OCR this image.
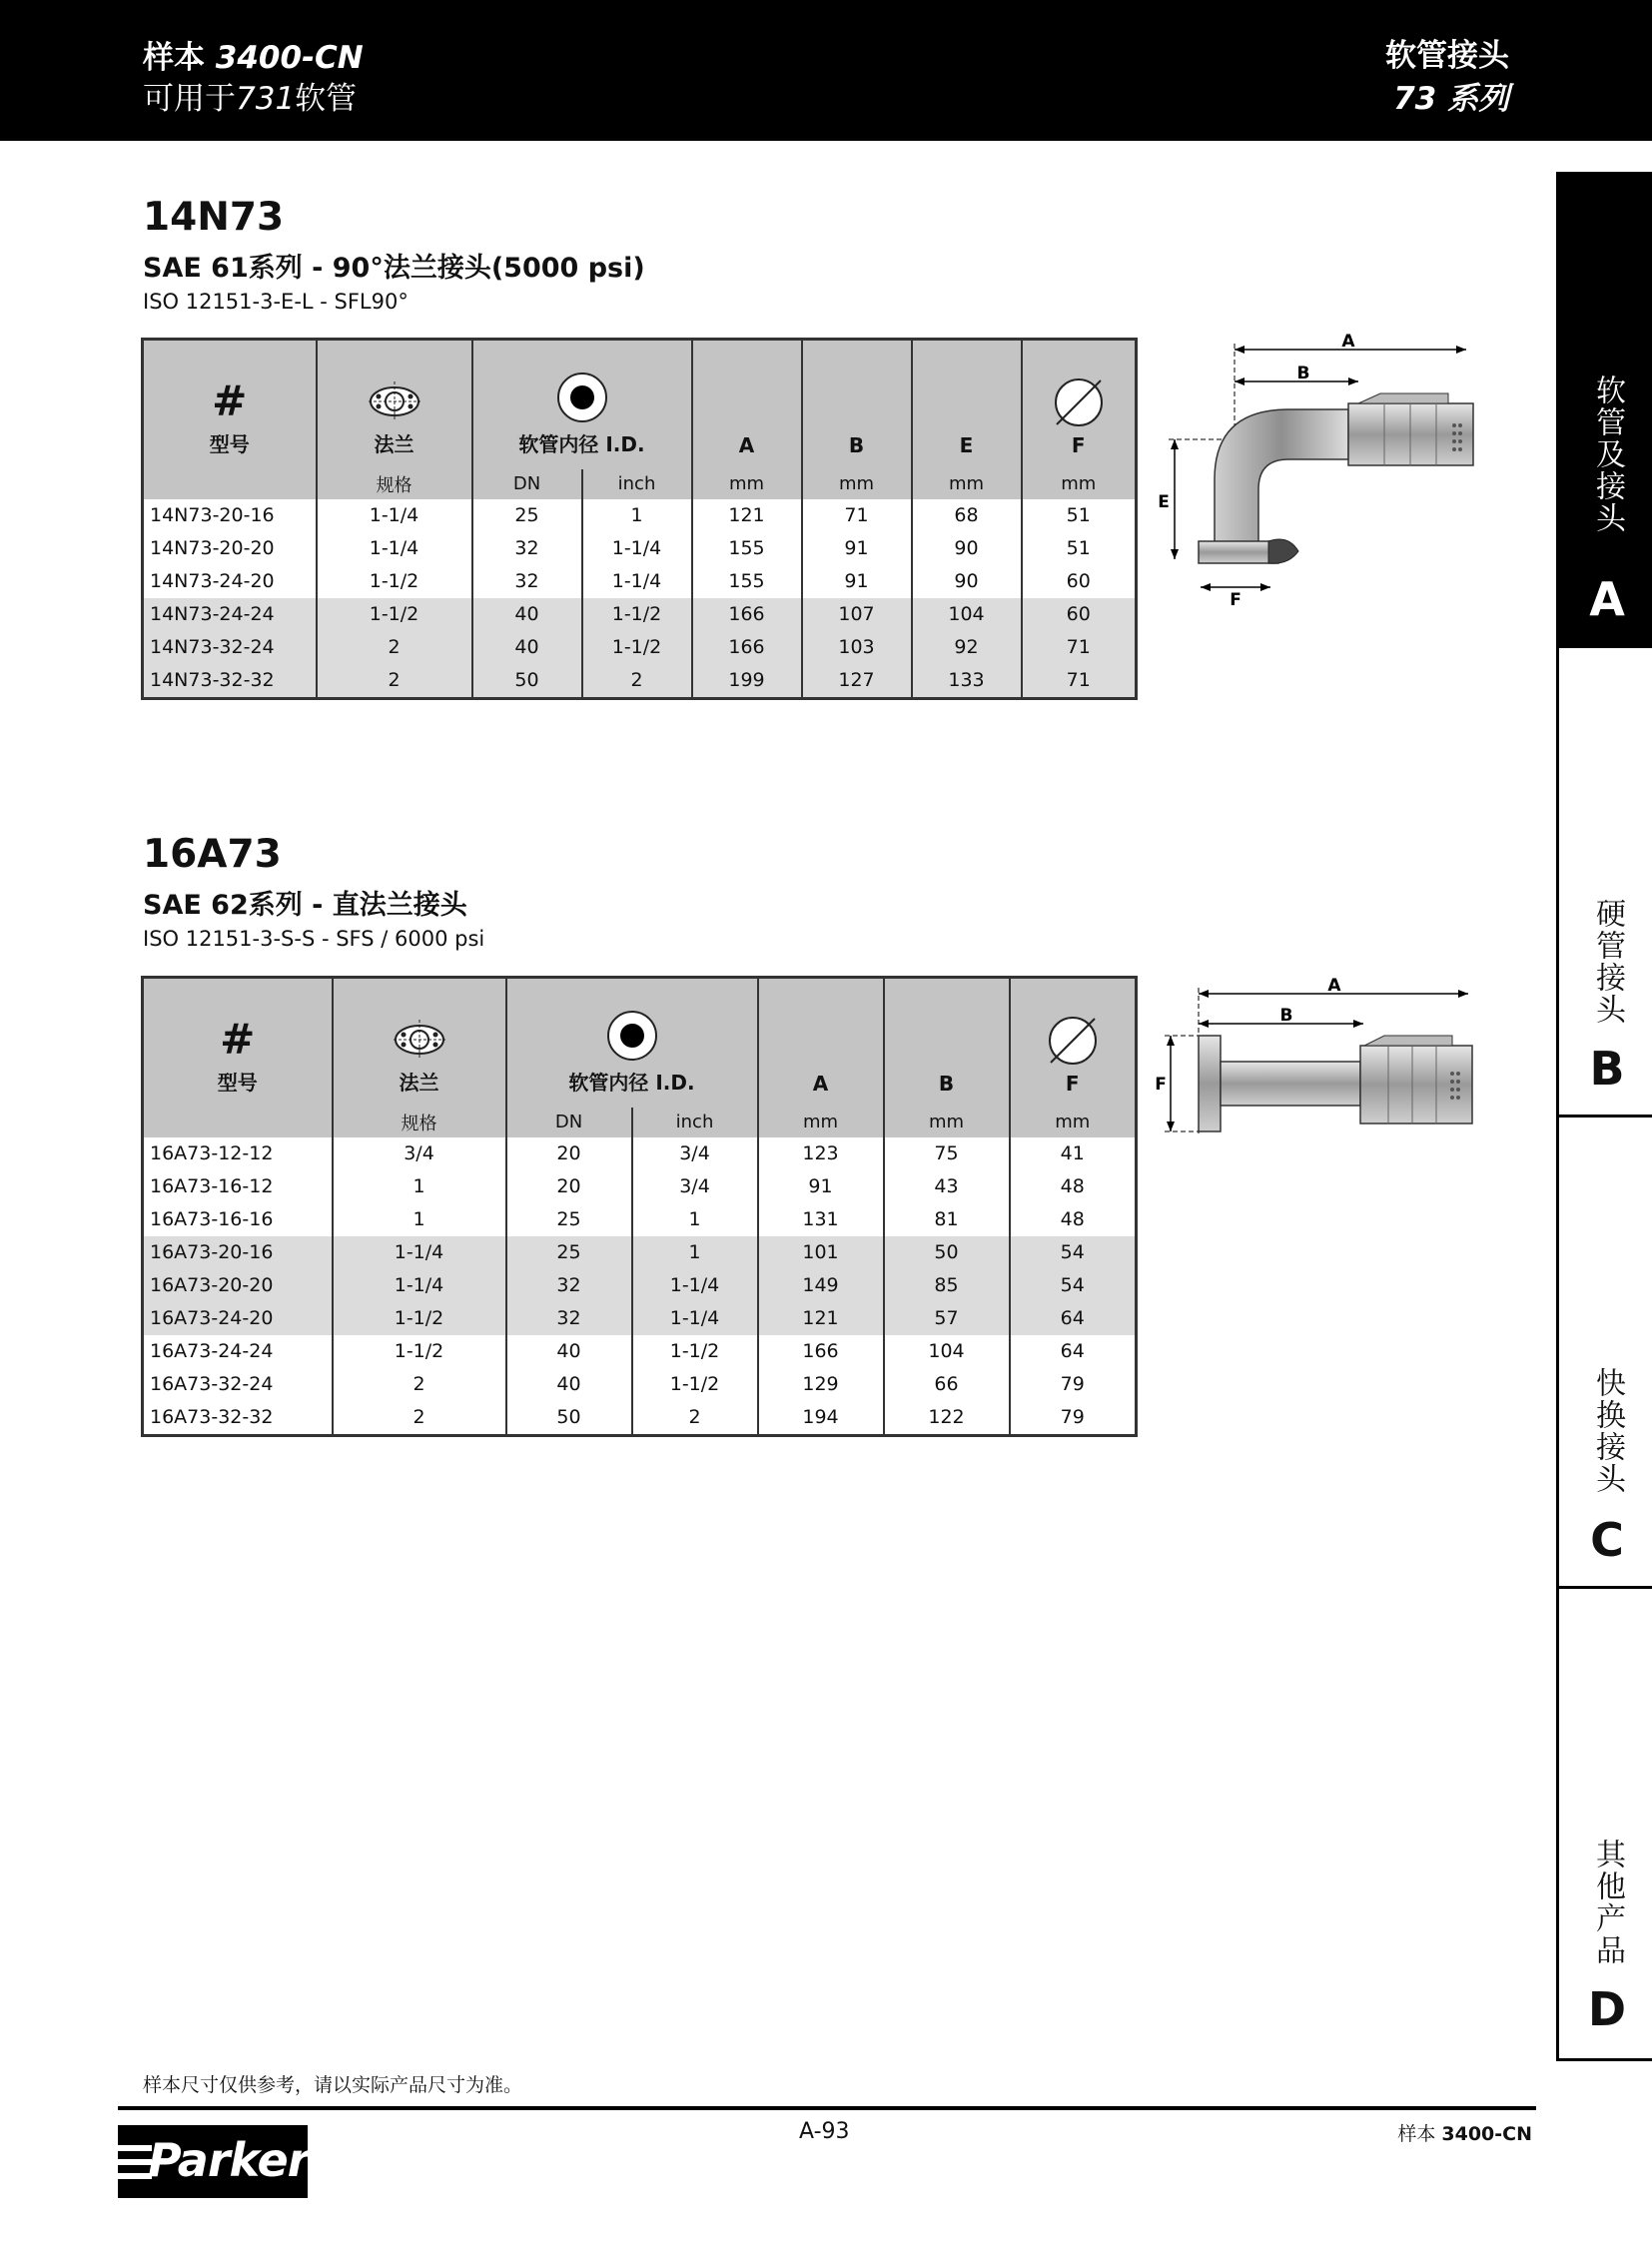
样本 3400-CN
可用于731软管
软管接头
73 系列
14N73
SAE 61系列 - 90°法兰接头(5000 psi)
ISO 12151-3-E-L - SFL90°
#
型号	法兰	软管内径 I.D.		A	B	E	F

	规格	DN	inch	mm	mm	mm	mm
14N73-20-16	1-1/4	25	1	121	71	68	51
14N73-20-20	1-1/4	32	1-1/4	155	91	90	51
14N73-24-20	1-1/2	32	1-1/4	155	91	90	60
14N73-24-24	1-1/2	40	1-1/2	166	107	104	60
14N73-32-24	2	40	1-1/2	166	103	92	71
14N73-32-32	2	50	2	199	127	133	71
A
B
E
F
16A73
SAE 62系列 - 直法兰接头
ISO 12151-3-S-S - SFS / 6000 psi
#
型号	法兰	软管内径 I.D.		A	B	F

	规格	DN	inch	mm	mm	mm
16A73-12-12	3/4	20	3/4	123	75	41
16A73-16-12	1	20	3/4	91	43	48
16A73-16-16	1	25	1	131	81	48
16A73-20-16	1-1/4	25	1	101	50	54
16A73-20-20	1-1/4	32	1-1/4	149	85	54
16A73-24-20	1-1/2	32	1-1/4	121	57	64
16A73-24-24	1-1/2	40	1-1/2	166	104	64
16A73-32-24	2	40	1-1/2	129	66	79
16A73-32-32	2	50	2	194	122	79
A
B
F
软管及接头
A
硬管接头
B
快换接头
C
其他产品
D
样本尺寸仅供参考，请以实际产品尺寸为准。
A-93	样本 3400-CN
Parker
